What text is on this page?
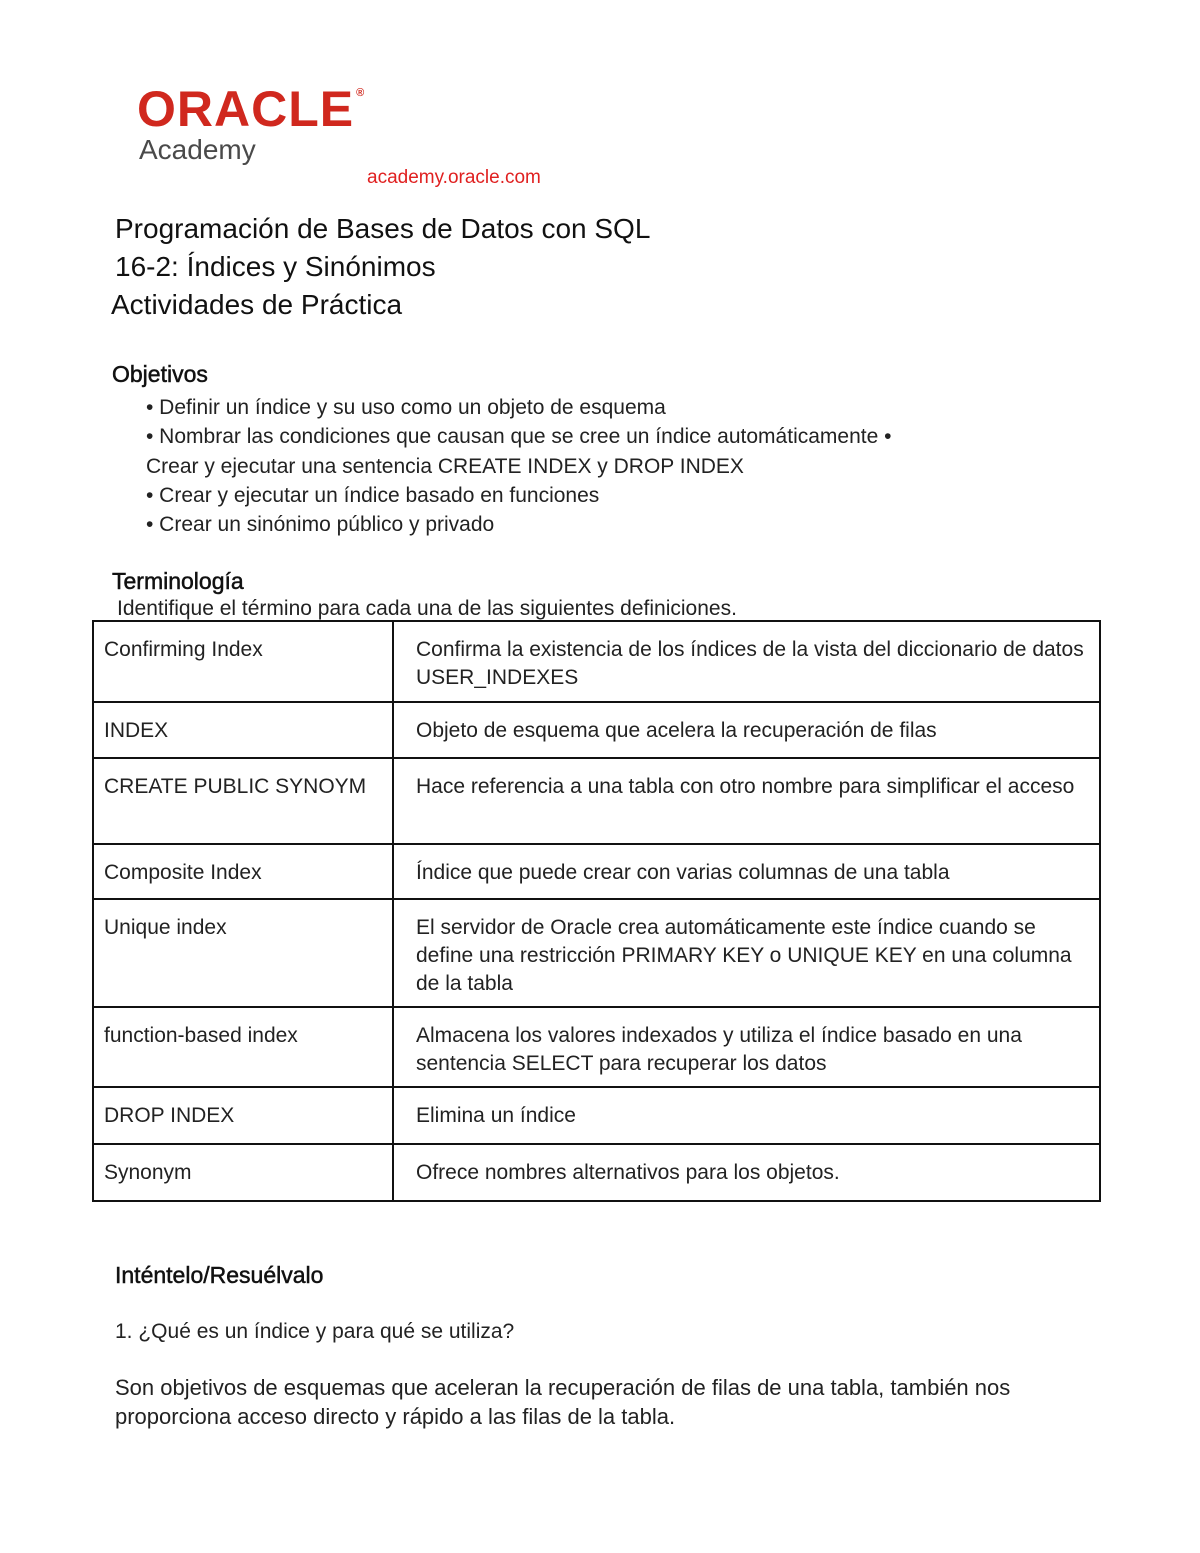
ORACLE ®
Academy
academy.oracle.com
Programación de Bases de Datos con SQL
16-2: Índices y Sinónimos
Actividades de Práctica
Objetivos
• Definir un índice y su uso como un objeto de esquema
• Nombrar las condiciones que causan que se cree un índice automáticamente •
Crear y ejecutar una sentencia CREATE INDEX y DROP INDEX
• Crear y ejecutar un índice basado en funciones
• Crear un sinónimo público y privado
Terminología
Identifique el término para cada una de las siguientes definiciones.
Confirming Index	Confirma la existencia de los índices de la vista del diccionario de datos USER_INDEXES
INDEX	Objeto de esquema que acelera la recuperación de filas
CREATE PUBLIC SYNOYM	Hace referencia a una tabla con otro nombre para simplificar el acceso
Composite Index	Índice que puede crear con varias columnas de una tabla
Unique index	El servidor de Oracle crea automáticamente este índice cuando se define una restricción PRIMARY KEY o UNIQUE KEY en una columna de la tabla
function-based index	Almacena los valores indexados y utiliza el índice basado en una sentencia SELECT para recuperar los datos
DROP INDEX	Elimina un índice
Synonym	Ofrece nombres alternativos para los objetos.
Inténtelo/Resuélvalo
1. ¿Qué es un índice y para qué se utiliza?
Son objetivos de esquemas que aceleran la recuperación de filas de una tabla, también nos proporciona acceso directo y rápido a las filas de la tabla.
